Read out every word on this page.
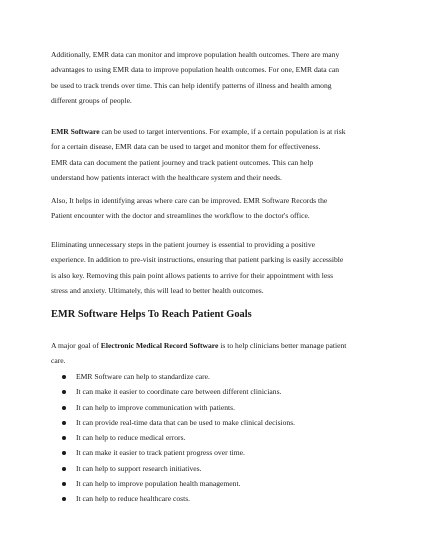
Additionally, EMR data can monitor and improve population health outcomes. There are many
advantages to using EMR data to improve population health outcomes. For one, EMR data can
be used to track trends over time. This can help identify patterns of illness and health among
different groups of people.

EMR Software can be used to target interventions. For example, if a certain population is at risk
for a certain disease, EMR data can be used to target and monitor them for effectiveness.
EMR data can document the patient journey and track patient outcomes. This can help
understand how patients interact with the healthcare system and their needs.

Also, It helps in identifying areas where care can be improved. EMR Software Records the
Patient encounter with the doctor and streamlines the workflow to the doctor's office.

Eliminating unnecessary steps in the patient journey is essential to providing a positive
experience. In addition to pre-visit instructions, ensuring that patient parking is easily accessible
is also key. Removing this pain point allows patients to arrive for their appointment with less
stress and anxiety. Ultimately, this will lead to better health outcomes.

EMR Software Helps To Reach Patient Goals

A major goal of Electronic Medical Record Software is to help clinicians better manage patient
care.

EMR Software can help to standardize care.
It can make it easier to coordinate care between different clinicians.
It can help to improve communication with patients.
It can provide real-time data that can be used to make clinical decisions.
It can help to reduce medical errors.
It can make it easier to track patient progress over time.
It can help to support research initiatives.
It can help to improve population health management.
It can help to reduce healthcare costs.
